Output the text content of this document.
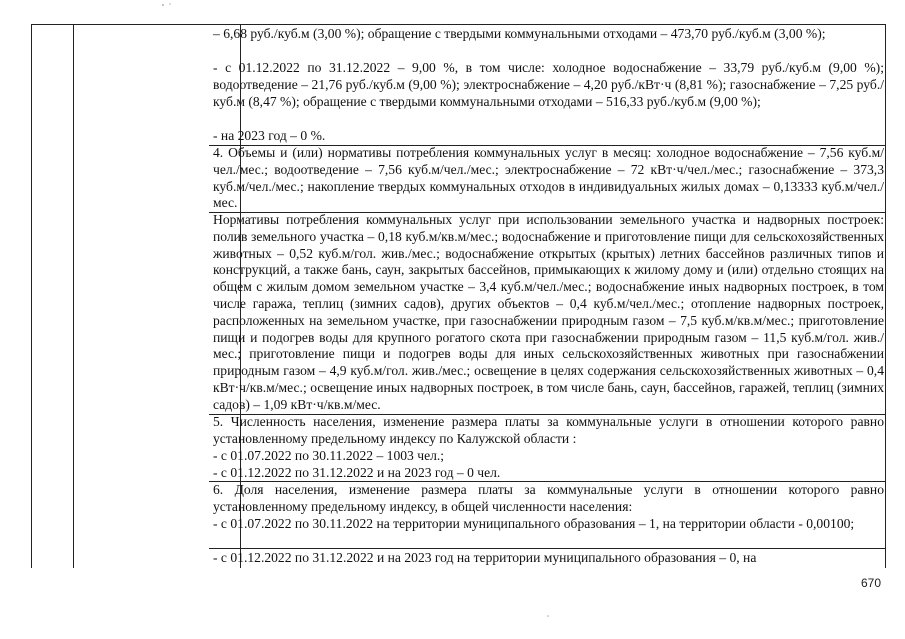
– 6,68 руб./куб.м (3,00 %); обращение с твердыми коммунальными отходами – 473,70 руб./куб.м (3,00 %);

- с 01.12.2022 по 31.12.2022 – 9,00 %, в том числе: холодное водоснабжение – 33,79 руб./куб.м (9,00 %); водоотведение – 21,76 руб./куб.м (9,00 %); электроснабжение – 4,20 руб./кВт·ч (8,81 %); газоснабжение – 7,25 руб./куб.м (8,47 %); обращение с твердыми коммунальными отходами – 516,33 руб./куб.м (9,00 %);

- на 2023 год – 0 %.

4. Объемы и (или) нормативы потребления коммунальных услуг в месяц: холодное водоснабжение – 7,56 куб.м/чел./мес.; водоотведение – 7,56 куб.м/чел./мес.; электроснабжение – 72 кВт·ч/чел./мес.; газоснабжение – 373,3 куб.м/чел./мес.; накопление твердых коммунальных отходов в индивидуальных жилых домах – 0,13333 куб.м/чел./мес.

Нормативы потребления коммунальных услуг при использовании земельного участка и надворных построек: полив земельного участка – 0,18 куб.м/кв.м/мес.; водоснабжение и приготовление пищи для сельскохозяйственных животных – 0,52 куб.м/гол. жив./мес.; водоснабжение открытых (крытых) летних бассейнов различных типов и конструкций, а также бань, саун, закрытых бассейнов, примыкающих к жилому дому и (или) отдельно стоящих на общем с жилым домом земельном участке – 3,4 куб.м/чел./мес.; водоснабжение иных надворных построек, в том числе гаража, теплиц (зимних садов), других объектов – 0,4 куб.м/чел./мес.; отопление надворных построек, расположенных на земельном участке, при газоснабжении природным газом – 7,5 куб.м/кв.м/мес.; приготовление пищи и подогрев воды для крупного рогатого скота при газоснабжении природным газом – 11,5 куб.м/гол. жив./мес.; приготовление пищи и подогрев воды для иных сельскохозяйственных животных при газоснабжении природным газом – 4,9 куб.м/гол. жив./мес.; освещение в целях содержания сельскохозяйственных животных – 0,4 кВт·ч/кв.м/мес.; освещение иных надворных построек, в том числе бань, саун, бассейнов, гаражей, теплиц (зимних садов) – 1,09 кВт·ч/кв.м/мес.

5. Численность населения, изменение размера платы за коммунальные услуги в отношении которого равно установленному предельному индексу по Калужской области :

- с 01.07.2022 по 30.11.2022 – 1003 чел.;

- с 01.12.2022 по 31.12.2022 и на 2023 год – 0 чел.

6. Доля населения, изменение размера платы за коммунальные услуги в отношении которого равно установленному предельному индексу, в общей численности населения:

- с 01.07.2022 по 30.11.2022 на территории муниципального образования – 1, на территории области - 0,00100;

- с 01.12.2022 по 31.12.2022 и на 2023 год на территории муниципального образования – 0, на

670
